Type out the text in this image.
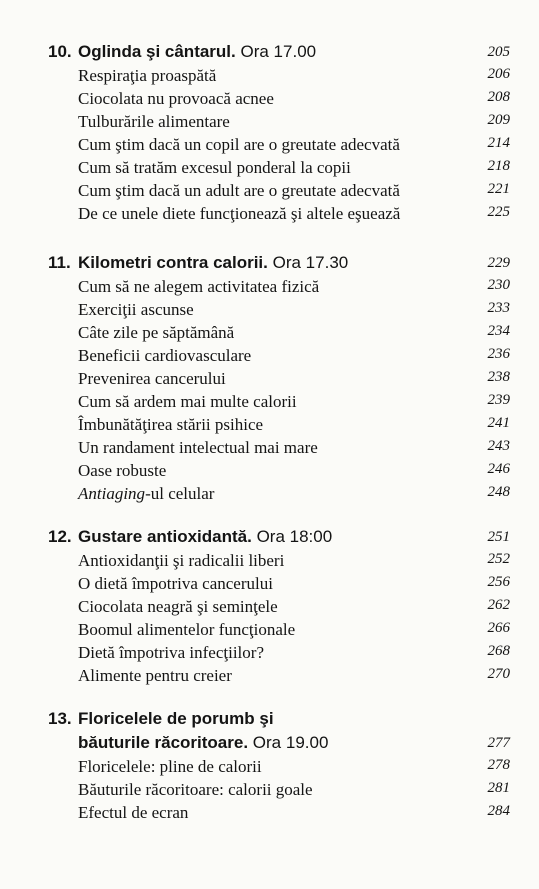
10. Oglinda şi cântarul. Ora 17.00	205
Respiraţia proaspătă	206
Ciocolata nu provoacă acnee	208
Tulburările alimentare	209
Cum ştim dacă un copil are o greutate adecvată	214
Cum să tratăm excesul ponderal la copii	218
Cum ştim dacă un adult are o greutate adecvată	221
De ce unele diete funcţionează şi altele eşuează	225
11. Kilometri contra calorii. Ora 17.30	229
Cum să ne alegem activitatea fizică	230
Exerciţii ascunse	233
Câte zile pe săptămână	234
Beneficii cardiovasculare	236
Prevenirea cancerului	238
Cum să ardem mai multe calorii	239
Îmbunătăţirea stării psihice	241
Un randament intelectual mai mare	243
Oase robuste	246
Antiaging-ul celular	248
12. Gustare antioxidantă. Ora 18:00	251
Antioxidanţii şi radicalii liberi	252
O dietă împotriva cancerului	256
Ciocolata neagră şi seminţele	262
Boomul alimentelor funcţionale	266
Dietă împotriva infecţiilor?	268
Alimente pentru creier	270
13. Floricelele de porumb şi
băuturile răcoritoare. Ora 19.00	277
Floricelele: pline de calorii	278
Băuturile răcoritoare: calorii goale	281
Efectul de ecran	284
